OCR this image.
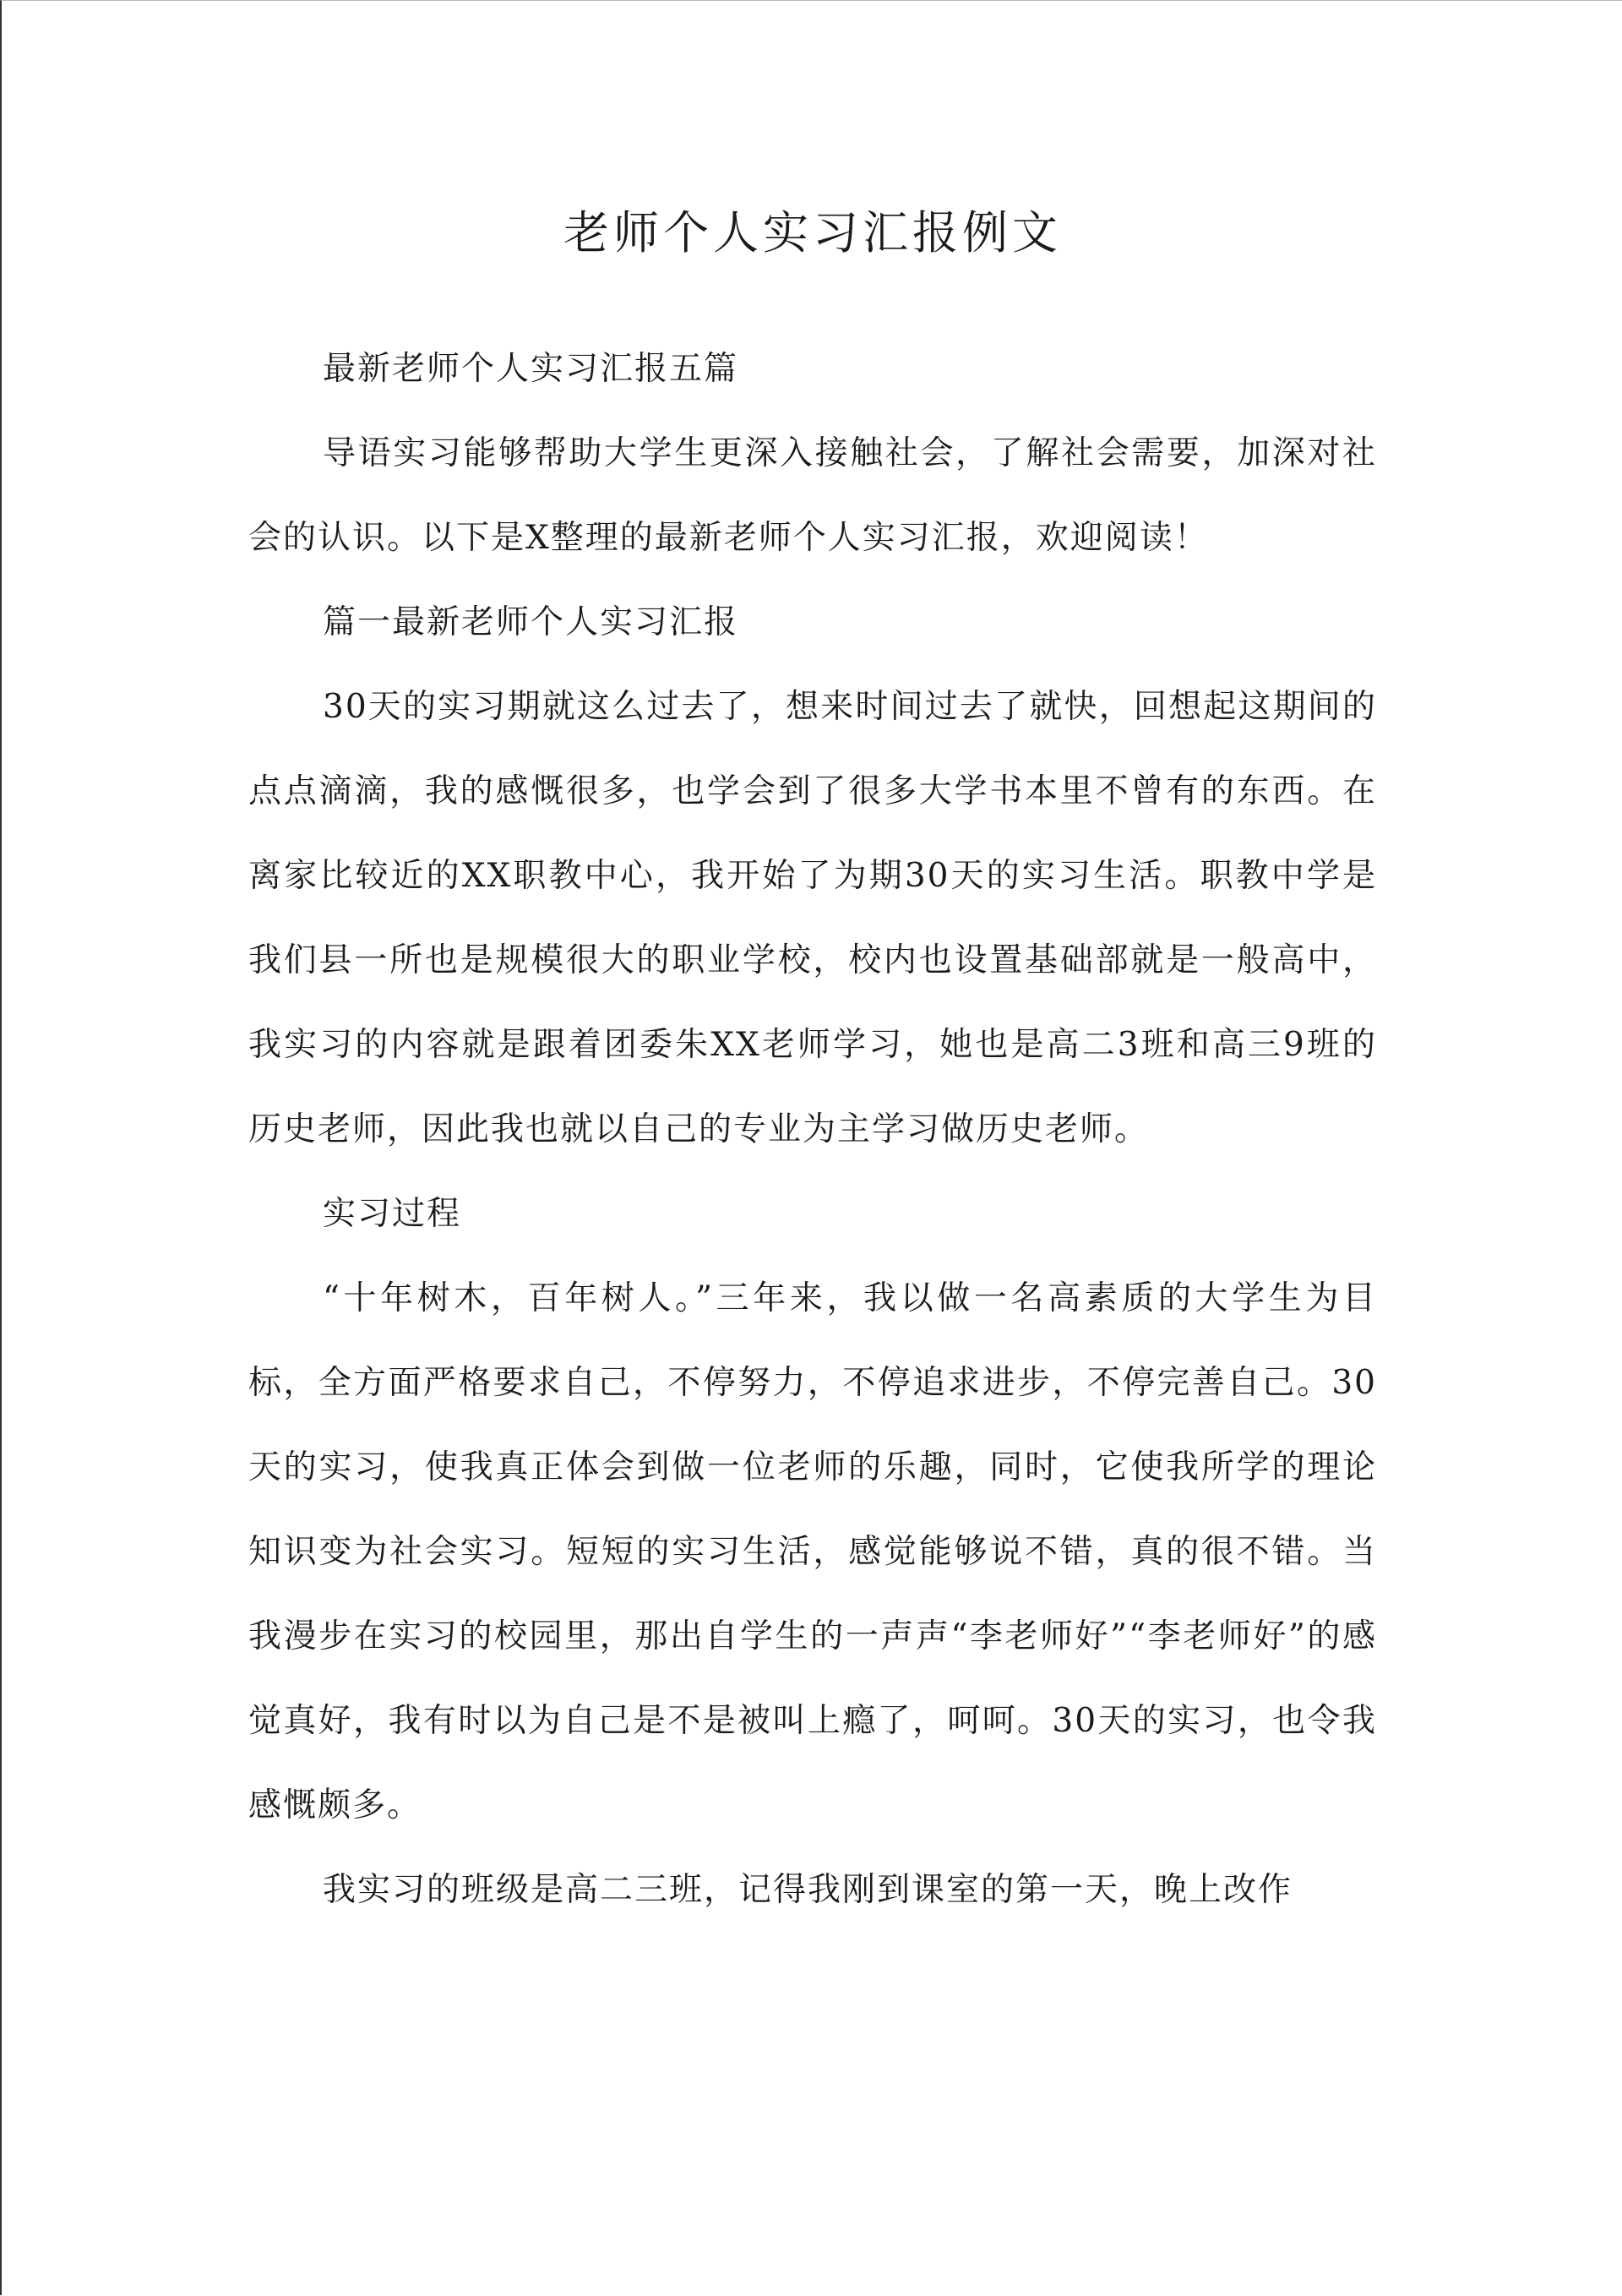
老师个人实习汇报例文

最新老师个人实习汇报五篇

导语实习能够帮助大学生更深入接触社会，了解社会需要，加深对社会的认识。以下是X整理的最新老师个人实习汇报，欢迎阅读！

篇一最新老师个人实习汇报

30天的实习期就这么过去了，想来时间过去了就快，回想起这期间的点点滴滴，我的感慨很多，也学会到了很多大学书本里不曾有的东西。在离家比较近的XX职教中心，我开始了为期30天的实习生活。职教中学是我们县一所也是规模很大的职业学校，校内也设置基础部就是一般高中，我实习的内容就是跟着团委朱XX老师学习，她也是高二3班和高三9班的历史老师，因此我也就以自己的专业为主学习做历史老师。

实习过程

“十年树木，百年树人。”三年来，我以做一名高素质的大学生为目标，全方面严格要求自己，不停努力，不停追求进步，不停完善自己。30天的实习，使我真正体会到做一位老师的乐趣，同时，它使我所学的理论知识变为社会实习。短短的实习生活，感觉能够说不错，真的很不错。当我漫步在实习的校园里，那出自学生的一声声“李老师好”“李老师好”的感觉真好，我有时以为自己是不是被叫上瘾了，呵呵。30天的实习，也令我感慨颇多。

我实习的班级是高二三班，记得我刚到课室的第一天，晚上改作
